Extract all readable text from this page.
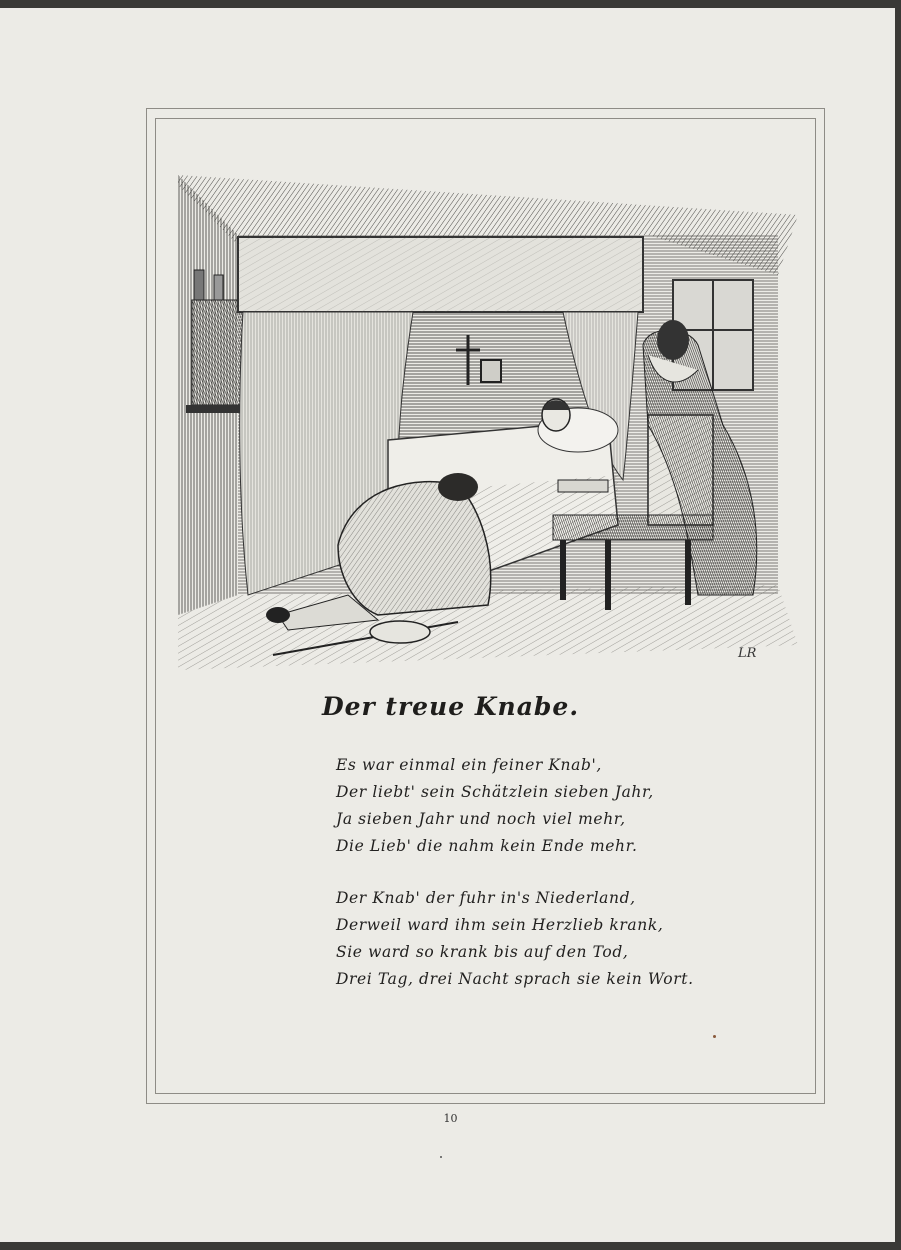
LR
Der treue Knabe.
Es war einmal ein feiner Knab',
Der liebt' sein Schätzlein sieben Jahr,
Ja sieben Jahr und noch viel mehr,
Die Lieb' die nahm kein Ende mehr.
Der Knab' der fuhr in's Niederland,
Derweil ward ihm sein Herzlieb krank,
Sie ward so krank bis auf den Tod,
Drei Tag, drei Nacht sprach sie kein Wort.
10
